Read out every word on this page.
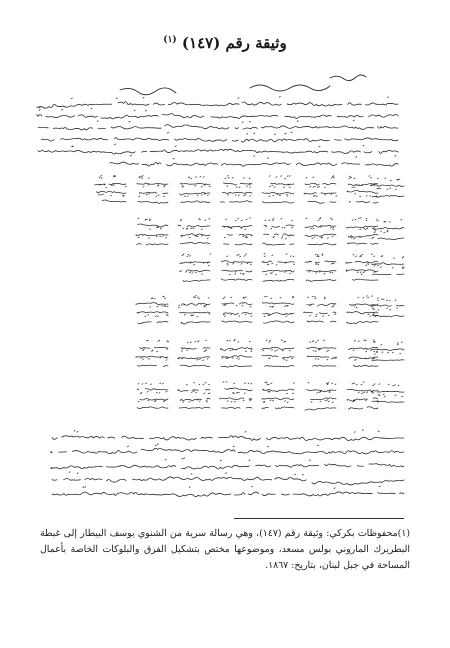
وثيقة رقم (١٤٧) $^{(١)}$
(١)محفوظات بكركي: وثيقة رقم (١٤٧)، وهي رسالة سرية من الشنوي يوسف البيطار إلى غبطة البطريرك الماروني بولس مسعد، وموضوعها مختص بتشكيل الفرق والبلوكات الخاصة بأعمال المساحة في جبل لبنان، بتاريخ: ١٨٦٧.
